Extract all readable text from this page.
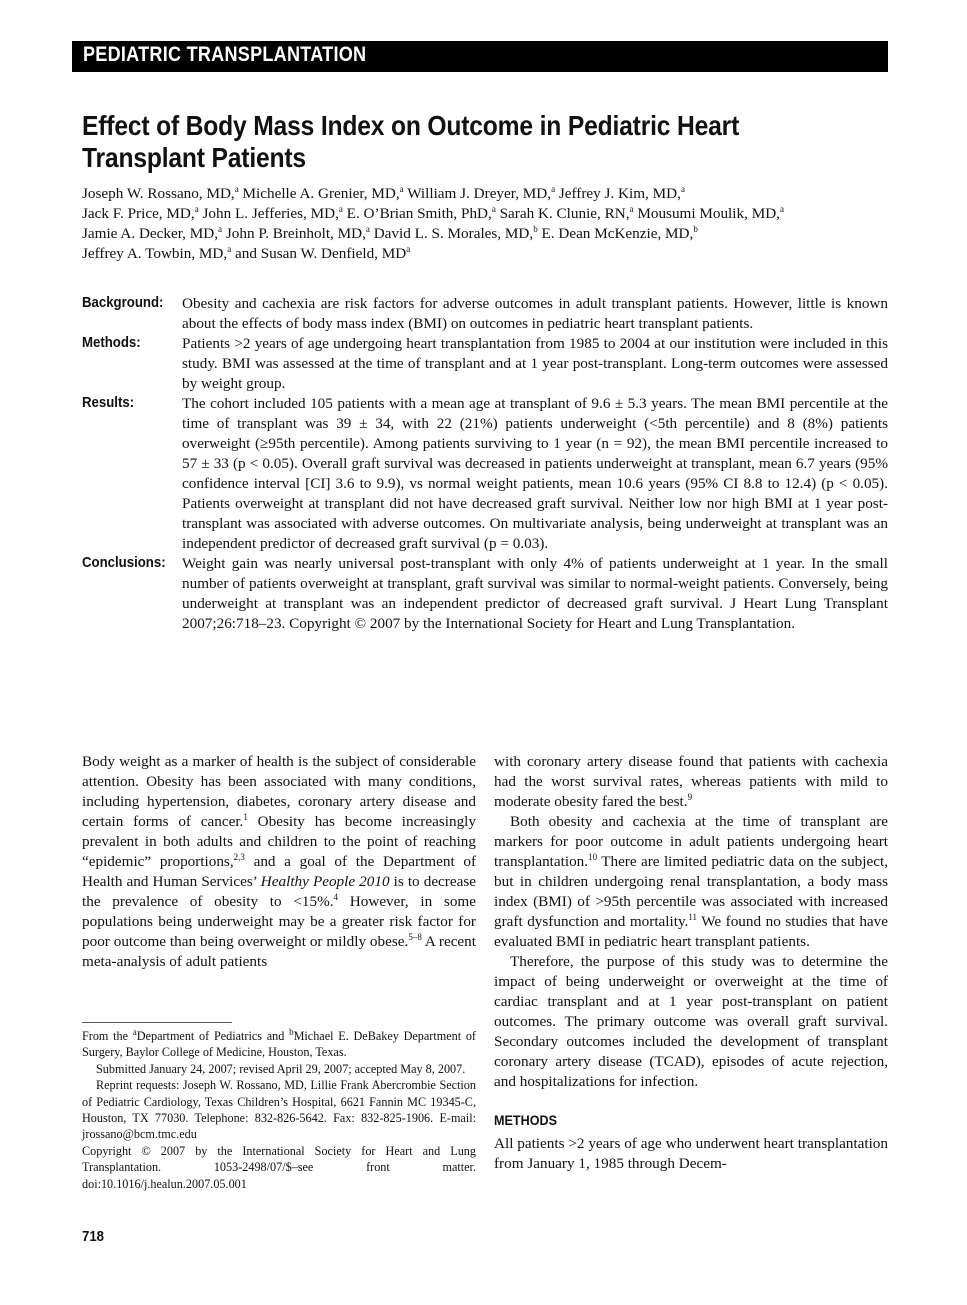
PEDIATRIC TRANSPLANTATION
Effect of Body Mass Index on Outcome in Pediatric Heart Transplant Patients
Joseph W. Rossano, MD,$^a$ Michelle A. Grenier, MD,$^a$ William J. Dreyer, MD,$^a$ Jeffrey J. Kim, MD,$^a$
Jack F. Price, MD,$^a$ John L. Jefferies, MD,$^a$ E. O’Brian Smith, PhD,$^a$ Sarah K. Clunie, RN,$^a$ Mousumi Moulik, MD,$^a$
Jamie A. Decker, MD,$^a$ John P. Breinholt, MD,$^a$ David L. S. Morales, MD,$^b$ E. Dean McKenzie, MD,$^b$
Jeffrey A. Towbin, MD,$^a$ and Susan W. Denfield, $MD^a$
Background: Obesity and cachexia are risk factors for adverse outcomes in adult transplant patients. However, little is known about the effects of body mass index (BMI) on outcomes in pediatric heart transplant patients.
Methods:	Patients >2 years of age undergoing heart transplantation from 1985 to 2004 at our institution were included in this study. BMI was assessed at the time of transplant and at 1 year post-transplant. Long-term outcomes were assessed by weight group.
Results:	The cohort included 105 patients with a mean age at transplant of 9.6 ± 5.3 years. The mean BMI percentile at the time of transplant was 39 ± 34, with 22 (21%) patients underweight (<5th percentile) and 8 (8%) patients overweight (≥95th percentile). Among patients surviving to 1 year (n = 92), the mean BMI percentile increased to 57 ± 33 (p < 0.05). Overall graft survival was decreased in patients underweight at transplant, mean 6.7 years (95% confidence interval [CI] 3.6 to 9.9), vs normal weight patients, mean 10.6 years (95% CI 8.8 to 12.4) (p < 0.05). Patients overweight at transplant did not have decreased graft survival. Neither low nor high BMI at 1 year post-transplant was associated with adverse outcomes. On multivariate analysis, being underweight at transplant was an independent predictor of decreased graft survival (p = 0.03).
Conclusions: Weight gain was nearly universal post-transplant with only 4% of patients underweight at 1 year. In the small number of patients overweight at transplant, graft survival was similar to normal-weight patients. Conversely, being underweight at transplant was an independent predictor of decreased graft survival. J Heart Lung Transplant 2007;26:718–23. Copyright © 2007 by the International Society for Heart and Lung Transplantation.

Body weight as a marker of health is the subject of considerable attention. Obesity has been associated with many conditions, including hypertension, diabetes, coronary artery disease and certain forms of cancer.$^1$ Obesity has become increasingly prevalent in both adults and children to the point of reaching “epidemic” proportions,$^{2,3}$ and a goal of the Department of Health and Human Services’ Healthy People 2010 is to decrease the prevalence of obesity to <15%.$^4$ However, in some populations being underweight may be a greater risk factor for poor outcome than being overweight or mildly obese.$^{5-8}$ A recent meta-analysis of adult patients

From the $^a$Department of Pediatrics and $^b$Michael E. DeBakey Department of Surgery, Baylor College of Medicine, Houston, Texas.

Submitted January 24, 2007; revised April 29, 2007; accepted May 8, 2007.

Reprint requests: Joseph W. Rossano, MD, Lillie Frank Abercrombie Section of Pediatric Cardiology, Texas Children’s Hospital, 6621 Fannin MC 19345-C, Houston, TX 77030. Telephone: 832-826-5642. Fax: 832-825-1906. E-mail: jrossano@bcm.tmc.edu

Copyright © 2007 by the International Society for Heart and Lung Transplantation. 1053-2498/07/$–see front matter. doi:10.1016/j.healun.2007.05.001

with coronary artery disease found that patients with cachexia had the worst survival rates, whereas patients with mild to moderate obesity fared the best.$^9$

Both obesity and cachexia at the time of transplant are markers for poor outcome in adult patients undergoing heart transplantation.$^{10}$ There are limited pediatric data on the subject, but in children undergoing renal transplantation, a body mass index (BMI) of >95th percentile was associated with increased graft dysfunction and mortality.$^{11}$ We found no studies that have evaluated BMI in pediatric heart transplant patients.

Therefore, the purpose of this study was to determine the impact of being underweight or overweight at the time of cardiac transplant and at 1 year post-transplant on patient outcomes. The primary outcome was overall graft survival. Secondary outcomes included the development of transplant coronary artery disease (TCAD), episodes of acute rejection, and hospitalizations for infection.

METHODS

All patients >2 years of age who underwent heart transplantation from January 1, 1985 through Decem-

718
